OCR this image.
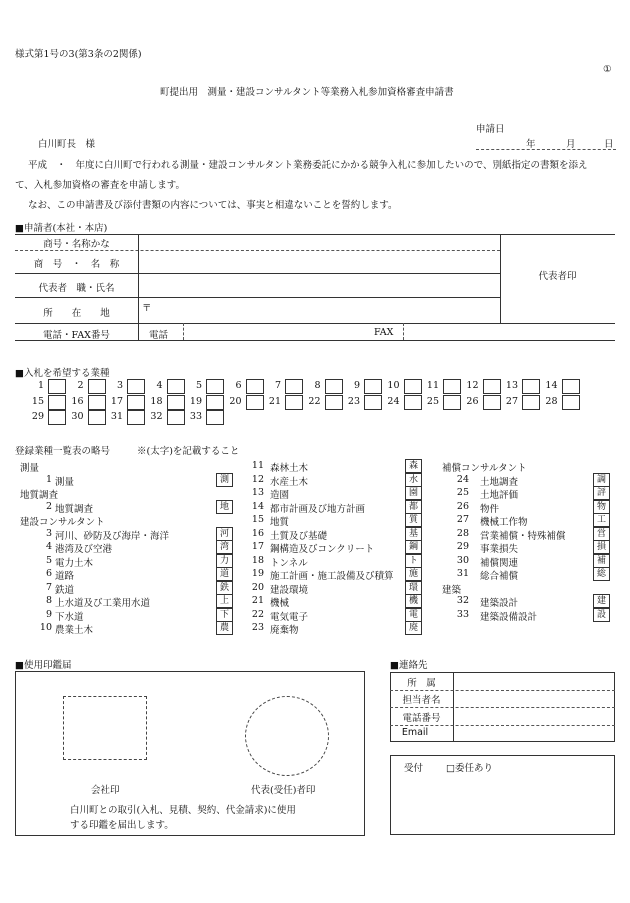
様式第1号の3(第3条の2関係)
①
町提出用　測量・建設コンサルタント等業務入札参加資格審査申請書
申請日
年	月	日
白川町長　様
平成　・　年度に白川町で行われる測量・建設コンサルタント業務委託にかかる競争入札に参加したいので、別紙指定の書類を添え
て、入札参加資格の審査を申請します。
なお、この申請書及び添付書類の内容については、事実と相違ないことを誓約します。
■申請者(本社・本店)
商号・名称かな
商　号　・　名　称
代表者　職・氏名
所　　在　　地	〒
電話・FAX番号	電話	FAX
代表者印
■入札を希望する業種
1	2	3	4	5	6	7	8	9	10	11	12	13	14
15	16	17	18	19	20	21	22	23	24	25	26	27	28
29	30	31	32	33
登録業種一覧表の略号	※(太字)を記載すること
測量
1 測量	測
地質調査
2 地質調査	地
建設コンサルタント
3 河川、砂防及び海岸・海洋	河
4 港湾及び空港	湾
5 電力土木	力
6 道路	道
7 鉄道	鉄
8 上水道及び工業用水道	上
9 下水道	下
10 農業土木	農
11 森林土木	森
12 水産土木	水
13 造園	園
14 都市計画及び地方計画	都
15 地質	質
16 土質及び基礎	基
17 鋼構造及びコンクリート	鋼
18 トンネル	ト
19 施工計画・施工設備及び積算	施
20 建設環境	環
21 機械	機
22 電気電子	電
23 廃棄物	廃
補償コンサルタント
24 土地調査	調
25 土地評価	評
26 物件	物
27 機械工作物	工
28 営業補償・特殊補償	営
29 事業損失	損
30 補償関連	補
31 総合補償	総
建築
32 建築設計	建
33 建築設備設計	設
■使用印鑑届
会社印	代表(受任)者印
白川町との取引(入札、見積、契約、代金請求)に使用
する印鑑を届出します。
■連絡先
所　属
担当者名
電話番号
Email
受付 □委任あり
